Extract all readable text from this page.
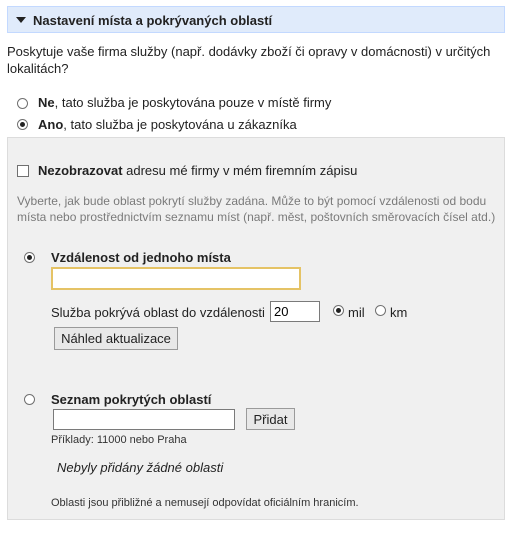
Nastavení místa a pokrývaných oblastí
Poskytuje vaše firma služby (např. dodávky zboží či opravy v domácnosti) v určitých lokalitách?
Ne, tato služba je poskytována pouze v místě firmy
Ano, tato služba je poskytována u zákazníka
Nezobrazovat adresu mé firmy v mém firemním zápisu
Vyberte, jak bude oblast pokrytí služby zadána. Může to být pomocí vzdálenosti od bodu místa nebo prostřednictvím seznamu míst (např. měst, poštovních směrovacích čísel atd.)
Vzdálenost od jednoho místa
Služba pokrývá oblast do vzdálenosti
20	mil km
Náhled aktualizace
Seznam pokrytých oblastí
Přidat
Příklady: 11000 nebo Praha
Nebyly přidány žádné oblasti
Oblasti jsou přibližné a nemusejí odpovídat oficiálním hranicím.
